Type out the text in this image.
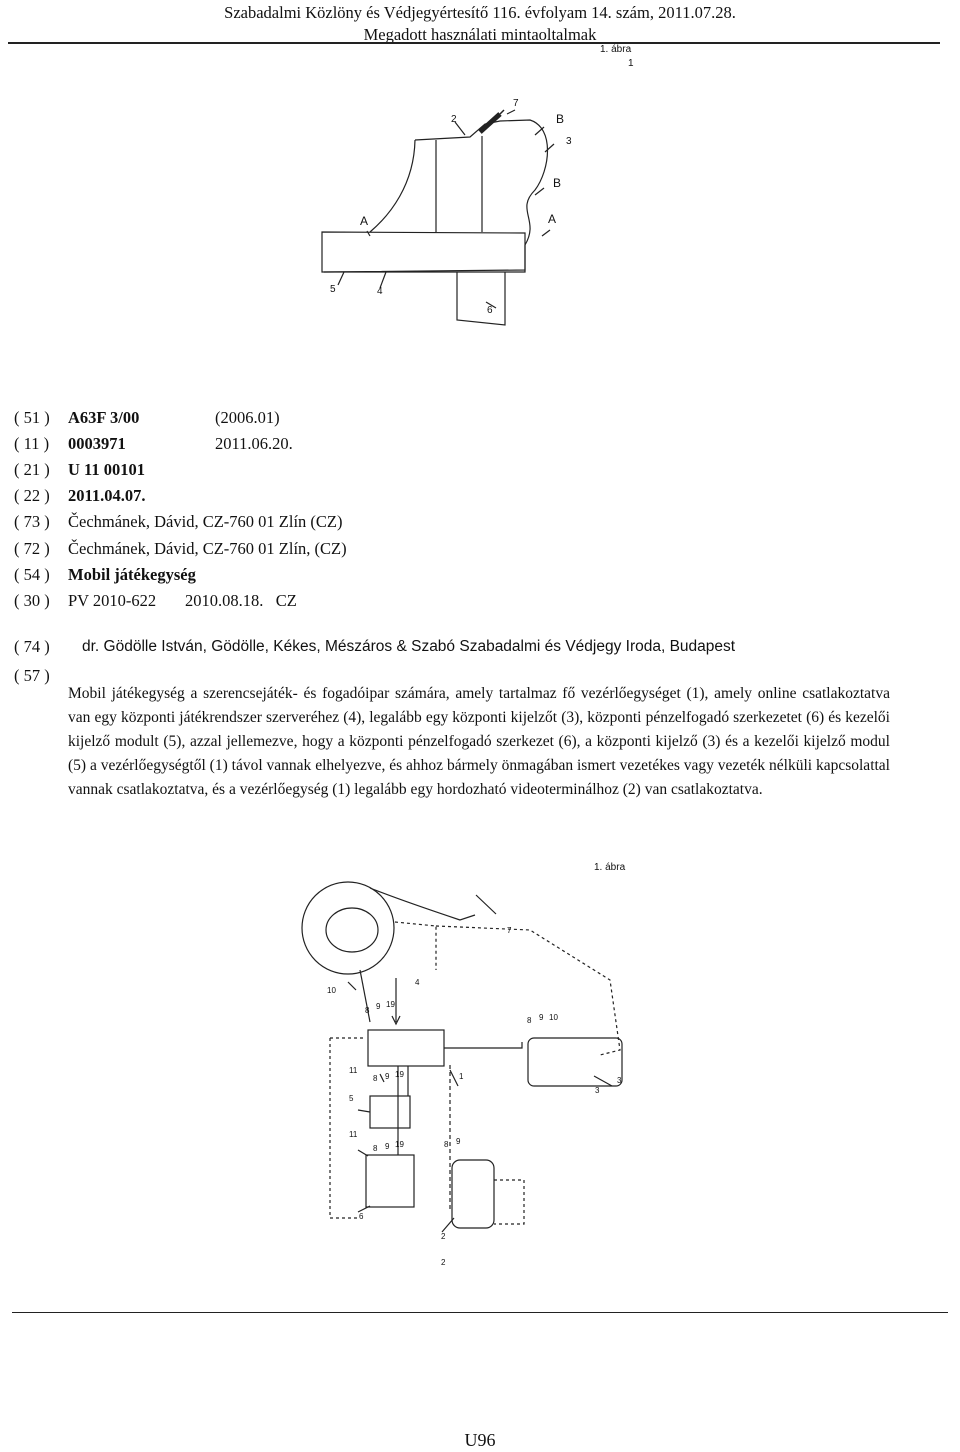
Szabadalmi Közlöny és Védjegyértesítő 116. évfolyam 14. szám, 2011.07.28.
Megadott használati mintaoltalmak
1. ábra
1
2
7
B
3
B
A	A
5	4
6
( 51 ) A63F 3/00	(2006.01)
( 11 ) 0003971	2011.06.20.
( 21 ) U 11 00101
( 22 ) 2011.04.07.
( 73 ) Čechmánek, Dávid, CZ-760 01 Zlín (CZ)
( 72 ) Čechmánek, Dávid, CZ-760 01 Zlín, (CZ)
( 54 ) Mobil játékegység
( 30 ) PV 2010-622       2010.08.18.   CZ
( 74 ) dr. Gödölle István, Gödölle, Kékes, Mészáros & Szabó Szabadalmi és Védjegy Iroda, Budapest
( 57 )
Mobil játékegység a szerencsejáték- és fogadóipar számára, amely tartalmaz fő vezérlőegységet (1), amely online csatlakoztatva van egy központi játékrendszer szerveréhez (4), legalább egy központi kijelzőt (3), központi pénzelfogadó szerkezetet (6) és kezelői kijelző modult (5), azzal jellemezve, hogy a központi pénzelfogadó szerkezet (6), a központi kijelző (3) és a kezelői kijelző modul (5) a vezérlőegységtől (1) távol vannak elhelyezve, és ahhoz bármely önmagában ismert vezetékes vagy vezeték nélküli kapcsolattal vannak csatlakoztatva, és a vezérlőegység (1) legalább egy hordozható videoterminálhoz (2) van csatlakoztatva.
1. ábra
7
10
4
8 9 19
8 9 10
11
8 9 19	1	3
3
5
11
8 9 19	8 9
6
2
2
U96
